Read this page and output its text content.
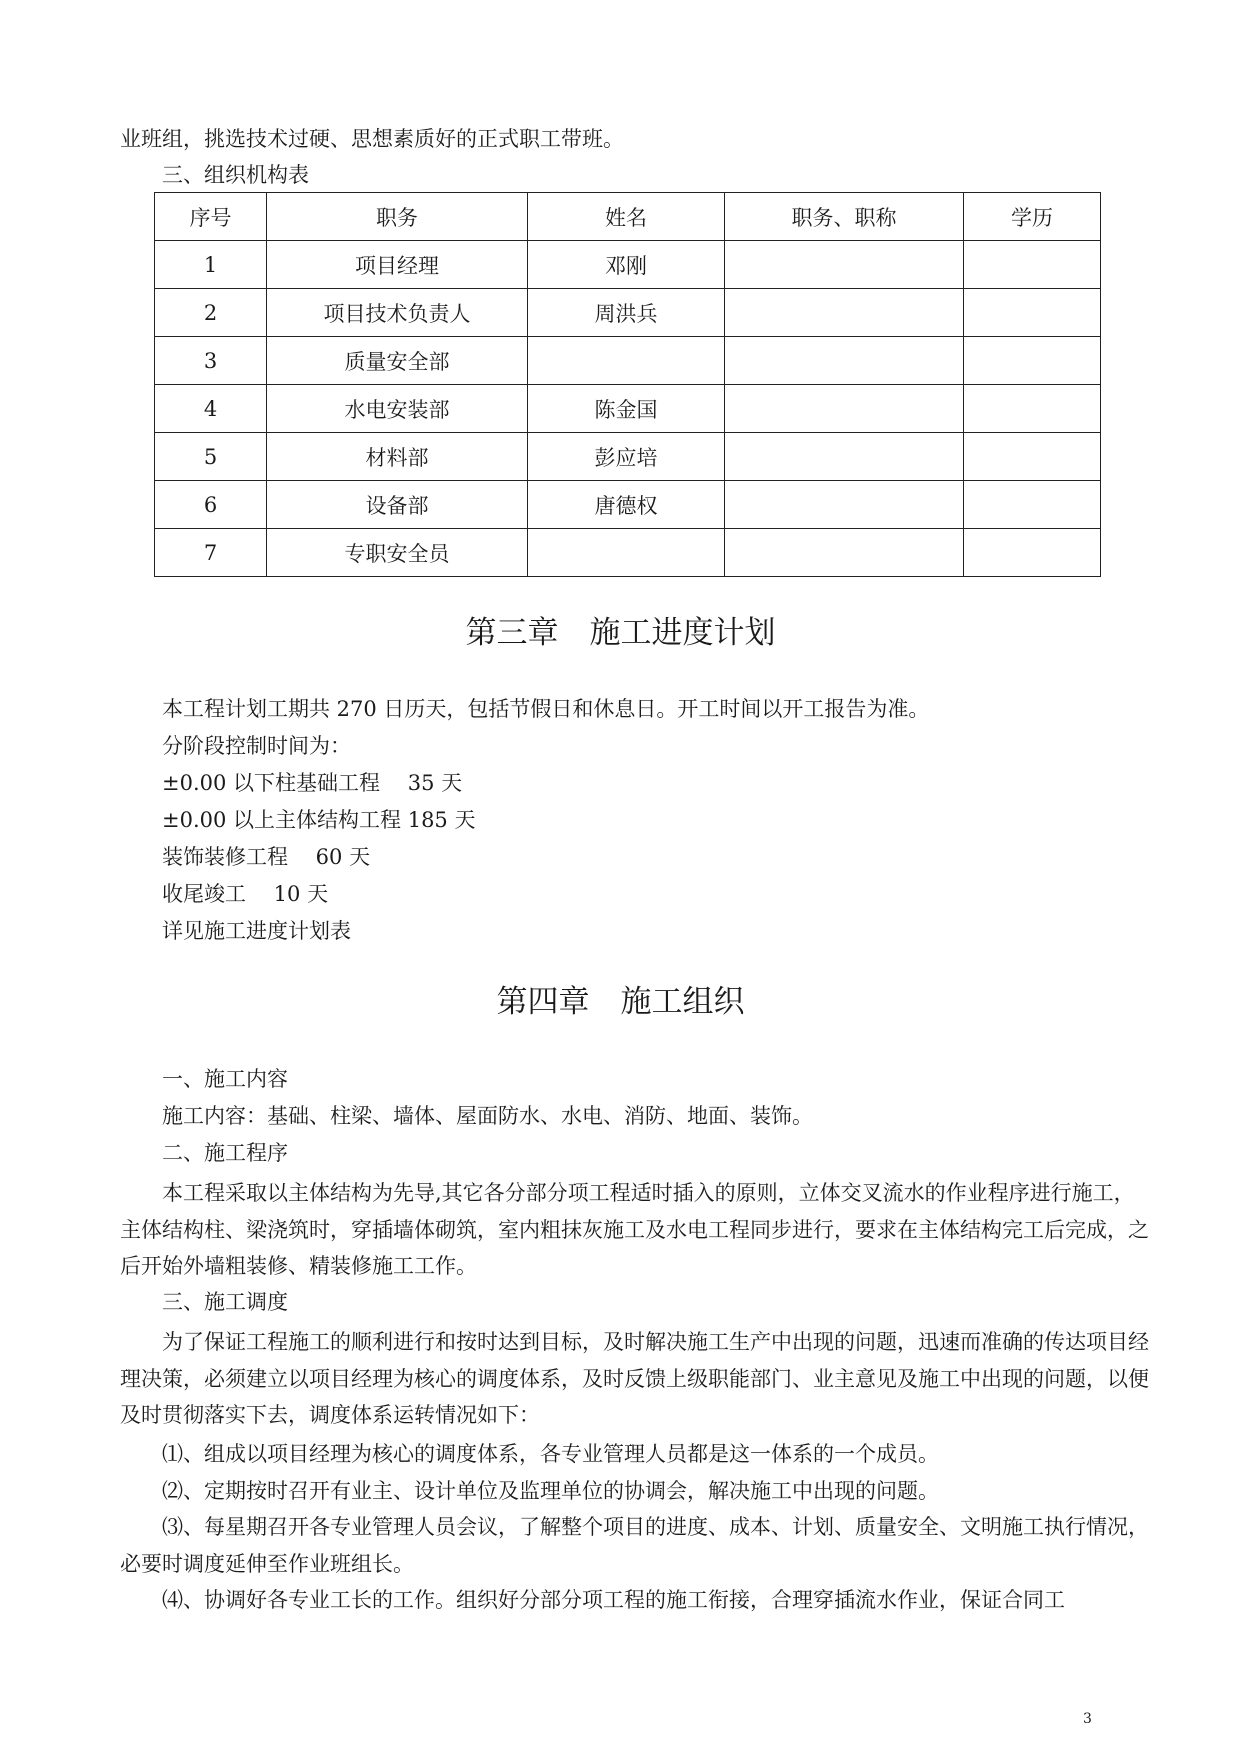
业班组，挑选技术过硬、思想素质好的正式职工带班。
三、组织机构表
序号	职务	姓名	职务、职称	学历
1	项目经理	邓刚		
2	项目技术负责人	周洪兵		
3	质量安全部			
4	水电安装部	陈金国		
5	材料部	彭应培		
6	设备部	唐德权		
7	专职安全员			
第三章　施工进度计划
本工程计划工期共 270 日历天，包括节假日和休息日。开工时间以开工报告为准。
分阶段控制时间为：
±0.00 以下柱基础工程　 35 天
±0.00 以上主体结构工程 185 天
装饰装修工程　 60 天
收尾竣工　 10 天
详见施工进度计划表
第四章　施工组织
一、施工内容
施工内容：基础、柱梁、墙体、屋面防水、水电、消防、地面、装饰。
二、施工程序

本工程采取以主体结构为先导,其它各分部分项工程适时插入的原则，立体交叉流水的作业程序进行施工，主体结构柱、梁浇筑时，穿插墙体砌筑，室内粗抹灰施工及水电工程同步进行，要求在主体结构完工后完成，之后开始外墙粗装修、精装修施工工作。

三、施工调度

为了保证工程施工的顺利进行和按时达到目标，及时解决施工生产中出现的问题，迅速而准确的传达项目经理决策，必须建立以项目经理为核心的调度体系，及时反馈上级职能部门、业主意见及施工中出现的问题，以便及时贯彻落实下去，调度体系运转情况如下：

⑴、组成以项目经理为核心的调度体系，各专业管理人员都是这一体系的一个成员。

⑵、定期按时召开有业主、设计单位及监理单位的协调会，解决施工中出现的问题。

⑶、每星期召开各专业管理人员会议，了解整个项目的进度、成本、计划、质量安全、文明施工执行情况，必要时调度延伸至作业班组长。

⑷、协调好各专业工长的工作。组织好分部分项工程的施工衔接，合理穿插流水作业，保证合同工

3
